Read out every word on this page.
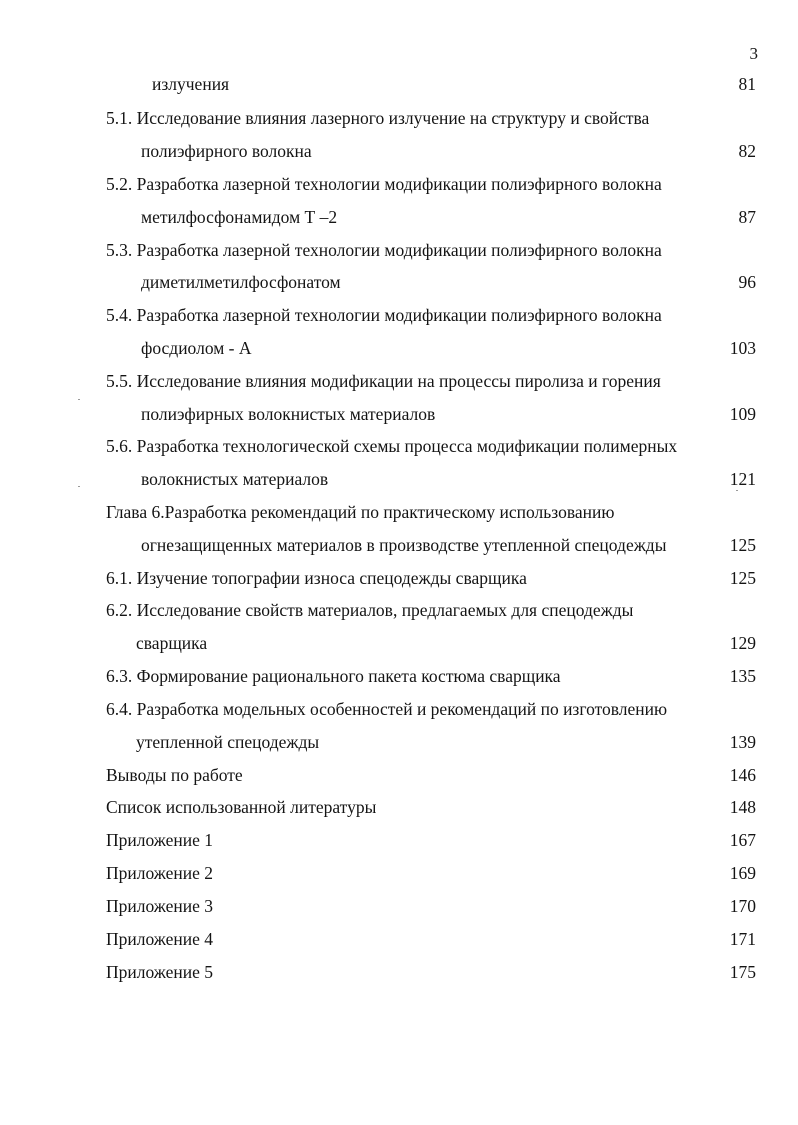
3
излучения	81
5.1. Исследование влияния лазерного излучение на структуру и свойства
полиэфирного волокна	82
5.2. Разработка лазерной технологии модификации полиэфирного волокна
метилфосфонамидом Т –2	87
5.3. Разработка лазерной технологии модификации полиэфирного волокна
диметилметилфосфонатом	96
5.4. Разработка лазерной технологии модификации полиэфирного волокна
фосдиолом - А	103
5.5. Исследование влияния модификации на процессы пиролиза и горения
полиэфирных волокнистых материалов	109
5.6. Разработка технологической схемы процесса модификации полимерных
волокнистых материалов	121
Глава 6.Разработка рекомендаций по практическому использованию
огнезащищенных материалов в производстве утепленной спецодежды	125
6.1. Изучение топографии износа спецодежды сварщика	125
6.2. Исследование свойств материалов, предлагаемых для спецодежды
сварщика	129
6.3. Формирование рационального пакета костюма сварщика	135
6.4. Разработка модельных особенностей и рекомендаций по изготовлению
утепленной спецодежды	139
Выводы по работе	146
Список использованной литературы	148
Приложение 1	167
Приложение 2	169
Приложение 3	170
Приложение 4	171
Приложение 5	175
